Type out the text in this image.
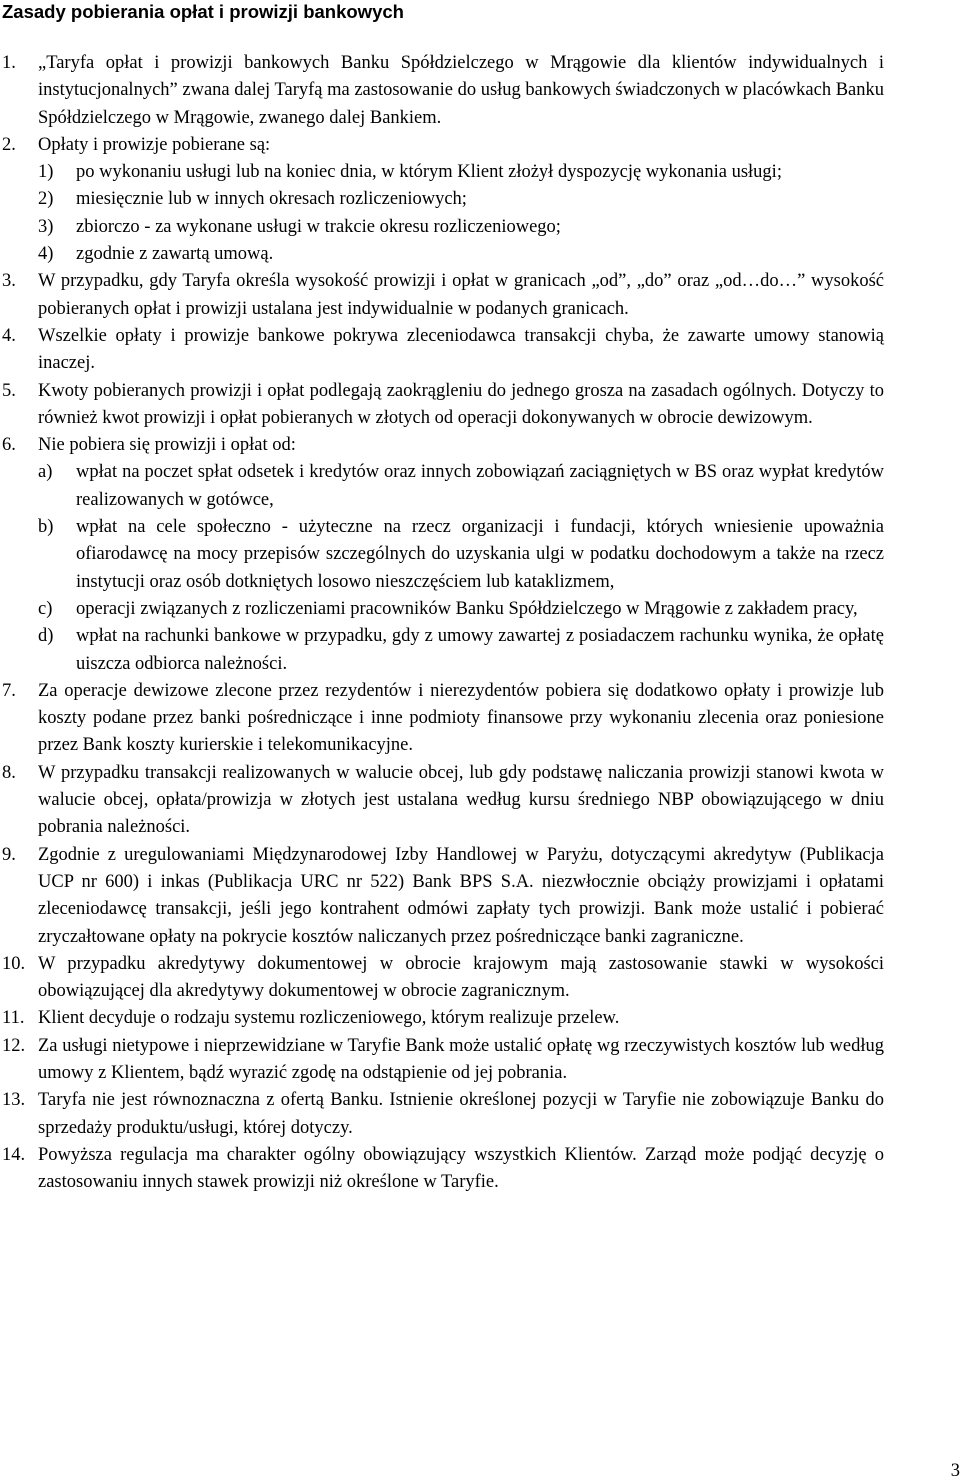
Zasady pobierania opłat i prowizji bankowych
1. „Taryfa opłat i prowizji bankowych Banku Spółdzielczego w Mrągowie dla klientów indywidualnych i instytucjonalnych” zwana dalej Taryfą ma zastosowanie do usług bankowych świadczonych w placówkach Banku Spółdzielczego w Mrągowie, zwanego dalej Bankiem.
2. Opłaty i prowizje pobierane są:
1) po wykonaniu usługi lub na koniec dnia, w którym Klient złożył dyspozycję wykonania usługi;
2) miesięcznie lub w innych okresach rozliczeniowych;
3) zbiorczo - za wykonane usługi w trakcie okresu rozliczeniowego;
4) zgodnie z zawartą umową.
3. W przypadku, gdy Taryfa określa wysokość prowizji i opłat w granicach „od”, „do” oraz „od…do…” wysokość pobieranych opłat i prowizji ustalana jest indywidualnie w podanych granicach.
4. Wszelkie opłaty i prowizje bankowe pokrywa zleceniodawca transakcji chyba, że zawarte umowy stanowią inaczej.
5. Kwoty pobieranych prowizji i opłat podlegają zaokrągleniu do jednego grosza na zasadach ogólnych. Dotyczy to również kwot prowizji i opłat pobieranych w złotych od operacji dokonywanych w obrocie dewizowym.
6. Nie pobiera się prowizji i opłat od:
a) wpłat na poczet spłat odsetek i kredytów oraz innych zobowiązań zaciągniętych w BS oraz wypłat kredytów realizowanych w gotówce,
b) wpłat na cele społeczno - użyteczne na rzecz organizacji i fundacji, których wniesienie upoważnia ofiarodawcę na mocy przepisów szczególnych do uzyskania ulgi w podatku dochodowym a także na rzecz instytucji oraz osób dotkniętych losowo nieszczęściem lub kataklizmem,
c) operacji związanych z rozliczeniami pracowników Banku Spółdzielczego w Mrągowie z zakładem pracy,
d) wpłat na rachunki bankowe w przypadku, gdy z umowy zawartej z posiadaczem rachunku wynika, że opłatę uiszcza odbiorca należności.
7. Za operacje dewizowe zlecone przez rezydentów i nierezydentów pobiera się dodatkowo opłaty i prowizje lub koszty podane przez banki pośredniczące i inne podmioty finansowe przy wykonaniu zlecenia oraz poniesione przez Bank koszty kurierskie i telekomunikacyjne.
8. W przypadku transakcji realizowanych w walucie obcej, lub gdy podstawę naliczania prowizji stanowi kwota w walucie obcej, opłata/prowizja w złotych jest ustalana według kursu średniego NBP obowiązującego w dniu pobrania należności.
9. Zgodnie z uregulowaniami Międzynarodowej Izby Handlowej w Paryżu, dotyczącymi akredytyw (Publikacja UCP nr 600) i inkas (Publikacja URC nr 522) Bank BPS S.A. niezwłocznie obciąży prowizjami i opłatami zleceniodawcę transakcji, jeśli jego kontrahent odmówi zapłaty tych prowizji. Bank może ustalić i pobierać zryczałtowane opłaty na pokrycie kosztów naliczanych przez pośredniczące banki zagraniczne.
10. W przypadku akredytywy dokumentowej w obrocie krajowym mają zastosowanie stawki w wysokości obowiązującej dla akredytywy dokumentowej w obrocie zagranicznym.
11. Klient decyduje o rodzaju systemu rozliczeniowego, którym realizuje przelew.
12. Za usługi nietypowe i nieprzewidziane w Taryfie Bank może ustalić opłatę wg rzeczywistych kosztów lub według umowy z Klientem, bądź wyrazić zgodę na odstąpienie od jej pobrania.
13. Taryfa nie jest równoznaczna z ofertą Banku. Istnienie określonej pozycji w Taryfie nie zobowiązuje Banku do sprzedaży produktu/usługi, której dotyczy.
14. Powyższa regulacja ma charakter ogólny obowiązujący wszystkich Klientów. Zarząd może podjąć decyzję o zastosowaniu innych stawek prowizji niż określone w Taryfie.
3
